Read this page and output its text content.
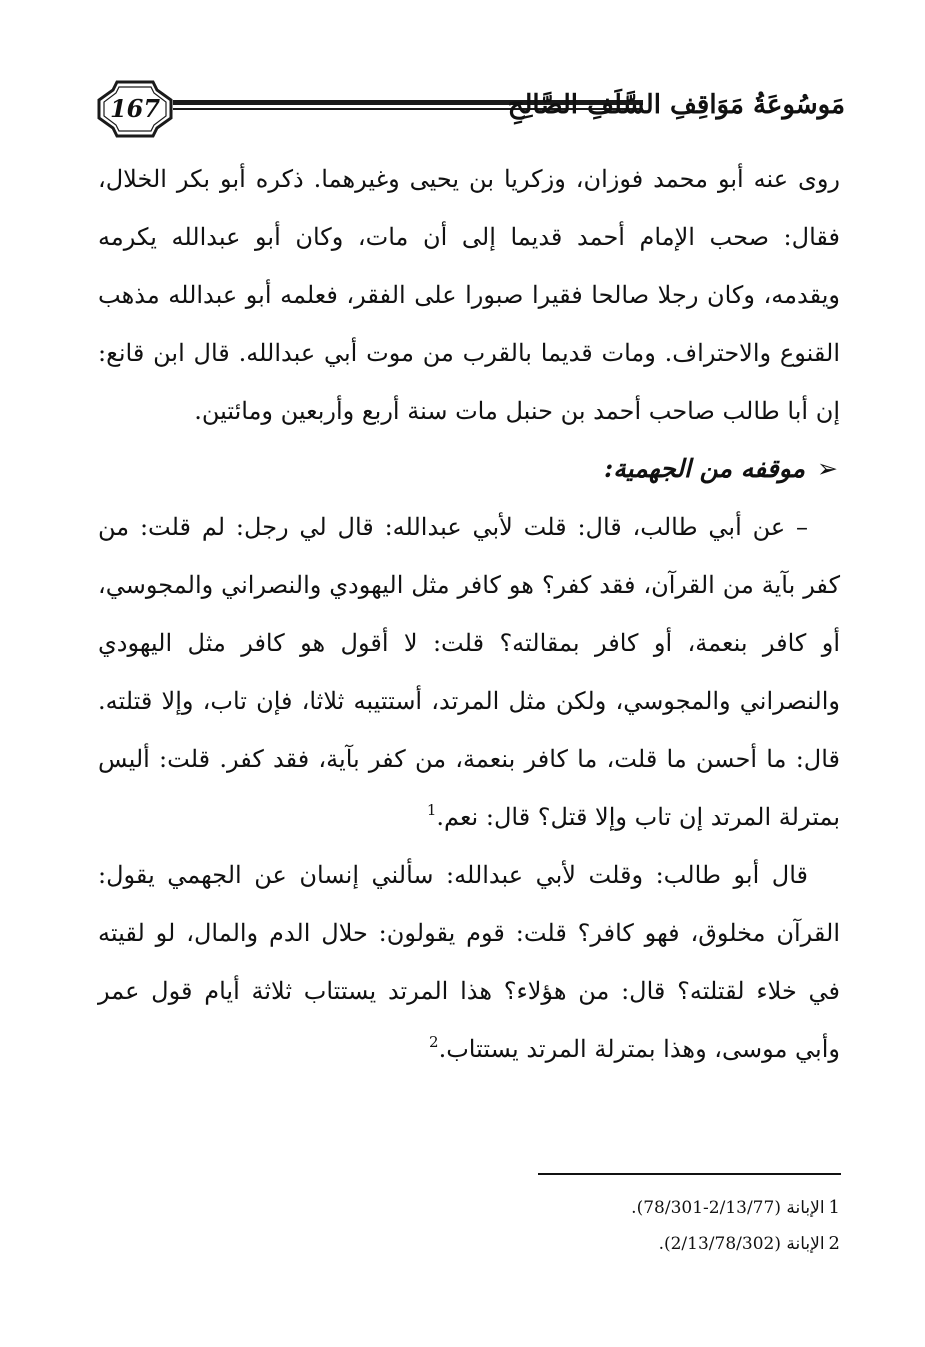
167	مَوسُوعَةُ مَوَاقِفِ السَّلَفِ الصَّالِحِ

روى عنه أبو محمد فوزان، وزكريا بن يحيى وغيرهما. ذكره أبو بكر الخلال، فقال: صحب الإمام أحمد قديما إلى أن مات، وكان أبو عبدالله يكرمه ويقدمه، وكان رجلا صالحا فقيرا صبورا على الفقر، فعلمه أبو عبدالله مذهب القنوع والاحتراف. ومات قديما بالقرب من موت أبي عبدالله. قال ابن قانع: إن أبا طالب صاحب أحمد بن حنبل مات سنة أربع وأربعين ومائتين.

➢موقفه من الجهمية:

– عن أبي طالب، قال: قلت لأبي عبدالله: قال لي رجل: لم قلت: من كفر بآية من القرآن، فقد كفر؟ هو كافر مثل اليهودي والنصراني والمجوسي، أو كافر بنعمة، أو كافر بمقالته؟ قلت: لا أقول هو كافر مثل اليهودي والنصراني والمجوسي، ولكن مثل المرتد، أستتيبه ثلاثا، فإن تاب، وإلا قتلته. قال: ما أحسن ما قلت، ما كافر بنعمة، من كفر بآية، فقد كفر. قلت: أليس بمترلة المرتد إن تاب وإلا قتل؟ قال: نعم.$^1$

قال أبو طالب: وقلت لأبي عبدالله: سألني إنسان عن الجهمي يقول: القرآن مخلوق، فهو كافر؟ قلت: قوم يقولون: حلال الدم والمال، لو لقيته في خلاء لقتلته؟ قال: من هؤلاء؟ هذا المرتد يستتاب ثلاثة أيام قول عمر وأبي موسى، وهذا بمترلة المرتد يستتاب.$^2$

1الإبانة (2/13/77-78/301).

2الإبانة (2/13/78/302).
